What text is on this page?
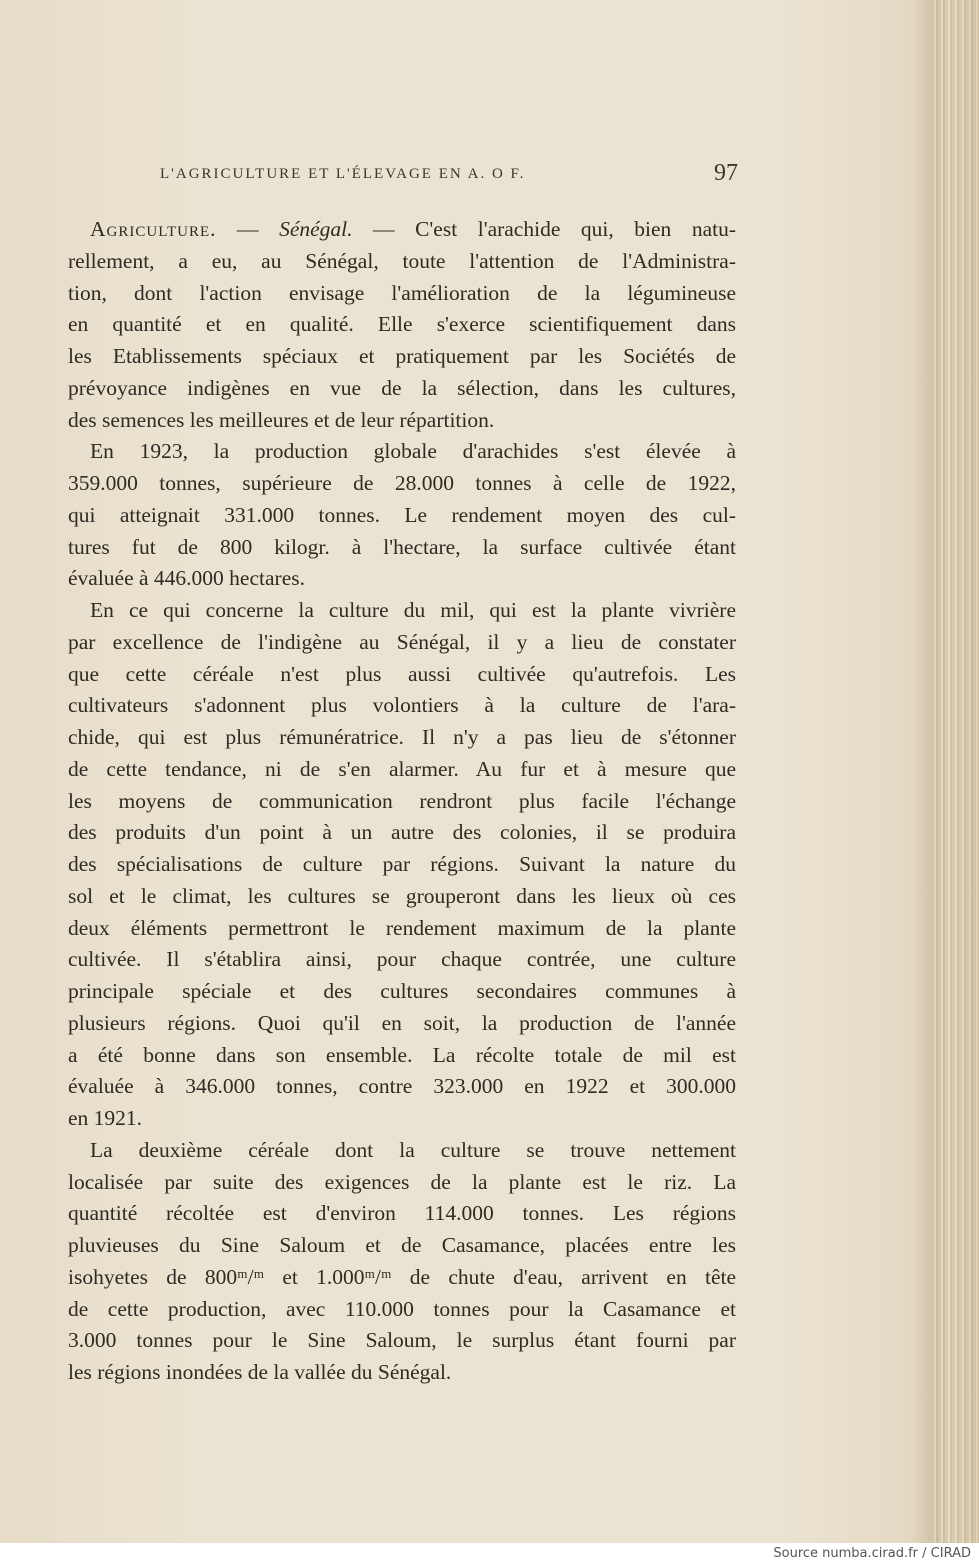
L'AGRICULTURE ET L'ÉLEVAGE EN A. O F.	97
Agriculture. — Sénégal. — C'est l'arachide qui, bien natu-
rellement, a eu, au Sénégal, toute l'attention de l'Administra-
tion, dont l'action envisage l'amélioration de la légumineuse
en quantité et en qualité. Elle s'exerce scientifiquement dans
les Etablissements spéciaux et pratiquement par les Sociétés de
prévoyance indigènes en vue de la sélection, dans les cultures,
des semences les meilleures et de leur répartition.
En 1923, la production globale d'arachides s'est élevée à
359.000 tonnes, supérieure de 28.000 tonnes à celle de 1922,
qui atteignait 331.000 tonnes. Le rendement moyen des cul-
tures fut de 800 kilogr. à l'hectare, la surface cultivée étant
évaluée à 446.000 hectares.
En ce qui concerne la culture du mil, qui est la plante vivrière
par excellence de l'indigène au Sénégal, il y a lieu de constater
que cette céréale n'est plus aussi cultivée qu'autrefois. Les
cultivateurs s'adonnent plus volontiers à la culture de l'ara-
chide, qui est plus rémunératrice. Il n'y a pas lieu de s'étonner
de cette tendance, ni de s'en alarmer. Au fur et à mesure que
les moyens de communication rendront plus facile l'échange
des produits d'un point à un autre des colonies, il se produira
des spécialisations de culture par régions. Suivant la nature du
sol et le climat, les cultures se grouperont dans les lieux où ces
deux éléments permettront le rendement maximum de la plante
cultivée. Il s'établira ainsi, pour chaque contrée, une culture
principale spéciale et des cultures secondaires communes à
plusieurs régions. Quoi qu'il en soit, la production de l'année
a été bonne dans son ensemble. La récolte totale de mil est
évaluée à 346.000 tonnes, contre 323.000 en 1922 et 300.000
en 1921.
La deuxième céréale dont la culture se trouve nettement
localisée par suite des exigences de la plante est le riz. La
quantité récoltée est d'environ 114.000 tonnes. Les régions
pluvieuses du Sine Saloum et de Casamance, placées entre les
isohyetes de 800ᵐ/ᵐ et 1.000ᵐ/ᵐ de chute d'eau, arrivent en tête
de cette production, avec 110.000 tonnes pour la Casamance et
3.000 tonnes pour le Sine Saloum, le surplus étant fourni par
les régions inondées de la vallée du Sénégal.
Source numba.cirad.fr / CIRAD
